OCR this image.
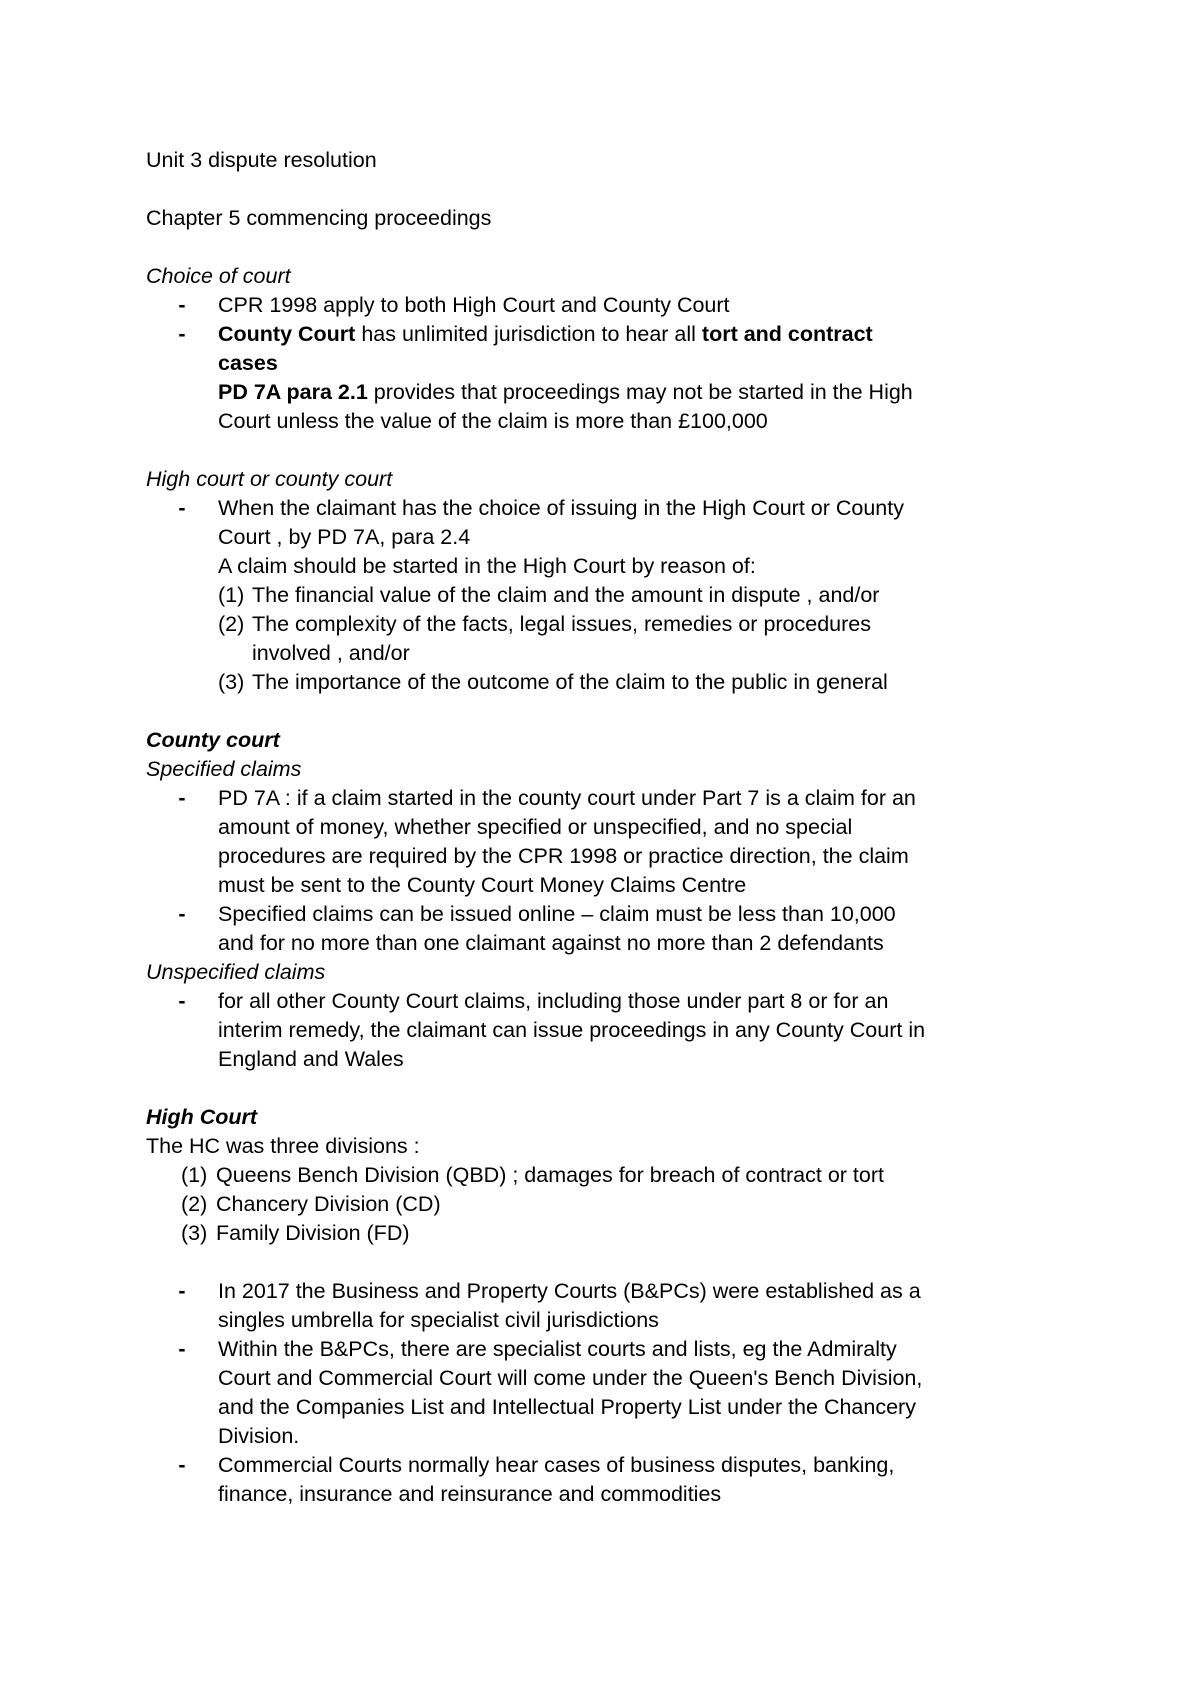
Unit 3 dispute resolution
Chapter 5 commencing proceedings
Choice of court
-	CPR 1998 apply to both High Court and County Court
-	County Court has unlimited jurisdiction to hear all tort and contract
cases
PD 7A para 2.1 provides that proceedings may not be started in the High
Court unless the value of the claim is more than £100,000
High court or county court
-	When the claimant has the choice of issuing in the High Court or County
Court , by PD 7A, para 2.4
A claim should be started in the High Court by reason of:
(1) The financial value of the claim and the amount in dispute , and/or
(2) The complexity of the facts, legal issues, remedies or procedures
involved , and/or
(3) The importance of the outcome of the claim to the public in general
County court
Specified claims
-	PD 7A : if a claim started in the county court under Part 7 is a claim for an
amount of money, whether specified or unspecified, and no special
procedures are required by the CPR 1998 or practice direction, the claim
must be sent to the County Court Money Claims Centre
-	Specified claims can be issued online – claim must be less than 10,000
and for no more than one claimant against no more than 2 defendants
Unspecified claims
-	for all other County Court claims, including those under part 8 or for an
interim remedy, the claimant can issue proceedings in any County Court in
England and Wales
High Court
The HC was three divisions :
(1) Queens Bench Division (QBD) ; damages for breach of contract or tort
(2) Chancery Division (CD)
(3) Family Division (FD)
-	In 2017 the Business and Property Courts (B&PCs) were established as a
singles umbrella for specialist civil jurisdictions
-	Within the B&PCs, there are specialist courts and lists, eg the Admiralty
Court and Commercial Court will come under the Queen's Bench Division,
and the Companies List and Intellectual Property List under the Chancery
Division.
-	Commercial Courts normally hear cases of business disputes, banking,
finance, insurance and reinsurance and commodities
